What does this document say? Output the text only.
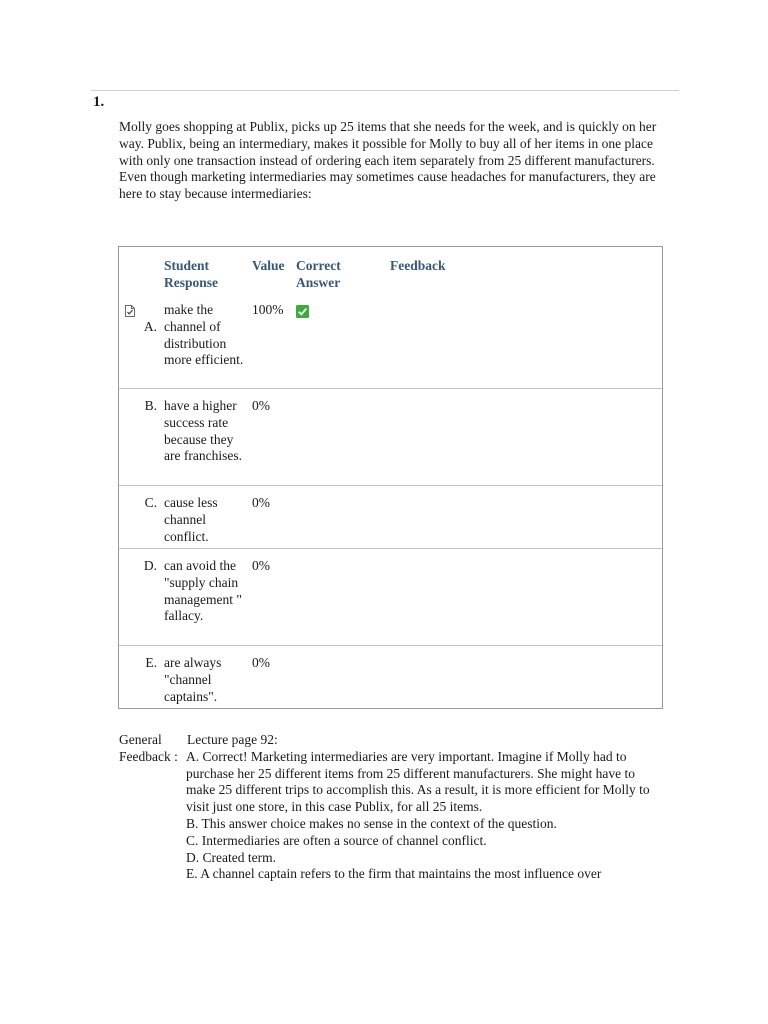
1.
Molly goes shopping at Publix, picks up 25 items that she needs for the week, and is quickly on her way. Publix, being an intermediary, makes it possible for Molly to buy all of her items in one place with only one transaction instead of ordering each item separately from 25 different manufacturers. Even though marketing intermediaries may sometimes cause headaches for manufacturers, they are here to stay because intermediaries:
Student Response
Value Correct Answer
Feedback
A.
make the channel of distribution more efficient.
100%
B. have a higher success rate because they are franchises.
0%
C. cause less channel conflict.
0%
D. can avoid the "supply chain management " fallacy.
0%
E. are always "channel captains".
0%
General Feedback :

Lecture page 92:

A. Correct! Marketing intermediaries are very important. Imagine if Molly had to purchase her 25 different items from 25 different manufacturers. She might have to make 25 different trips to accomplish this. As a result, it is more efficient for Molly to visit just one store, in this case Publix, for all 25 items.

B. This answer choice makes no sense in the context of the question.

C. Intermediaries are often a source of channel conflict.

D. Created term.

E. A channel captain refers to the firm that maintains the most influence over
